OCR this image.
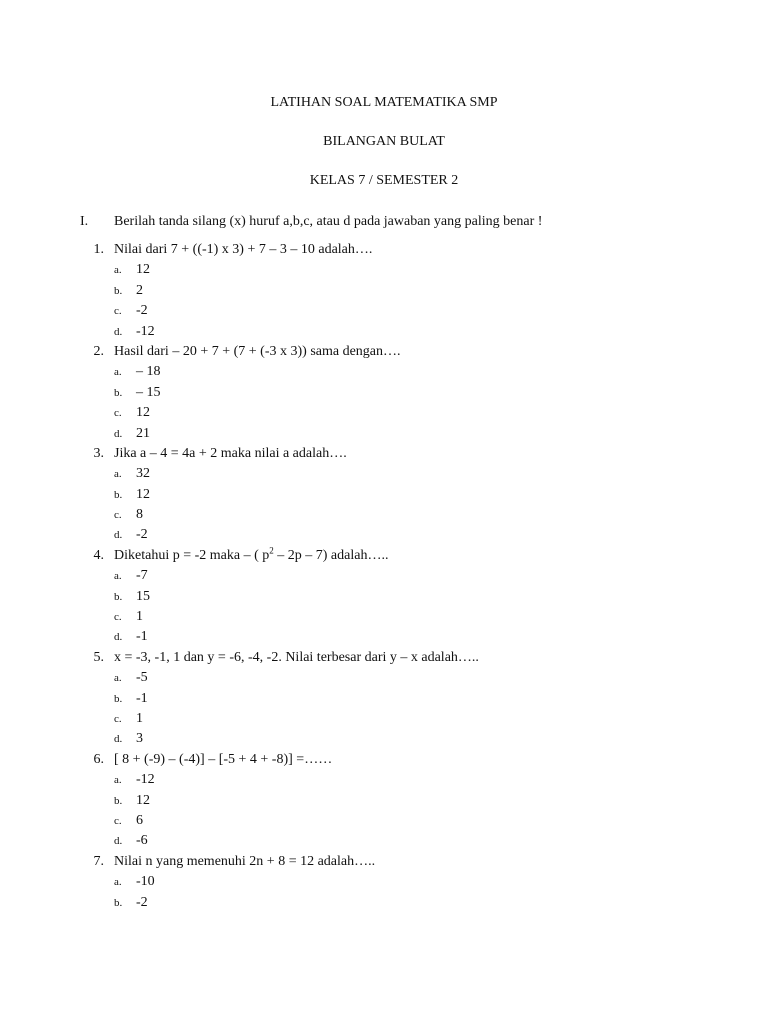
LATIHAN SOAL MATEMATIKA SMP
BILANGAN BULAT
KELAS 7 / SEMESTER 2
I. Berilah tanda silang (x) huruf a,b,c, atau d pada jawaban yang paling benar !
1. Nilai dari 7 + ((-1) x 3) + 7 – 3 – 10 adalah….
a. 12
b. 2
c. -2
d. -12
2. Hasil dari – 20 + 7 + (7 + (-3 x 3)) sama dengan….
a. – 18
b. – 15
c. 12
d. 21
3. Jika a – 4 = 4a + 2 maka nilai a adalah….
a. 32
b. 12
c. 8
d. -2
4. Diketahui p = -2 maka – ( $p^2 - 2p - 7$) adalah…..
a. -7
b. 15
c. 1
d. -1
5. x = -3, -1, 1 dan y = -6, -4, -2. Nilai terbesar dari y – x adalah…..
a. -5
b. -1
c. 1
d. 3
6. [ 8 + (-9) – (-4)] – [-5 + 4 + -8)] =……
a. -12
b. 12
c. 6
d. -6
7. Nilai n yang memenuhi 2n + 8 = 12 adalah…..
a. -10
b. -2
